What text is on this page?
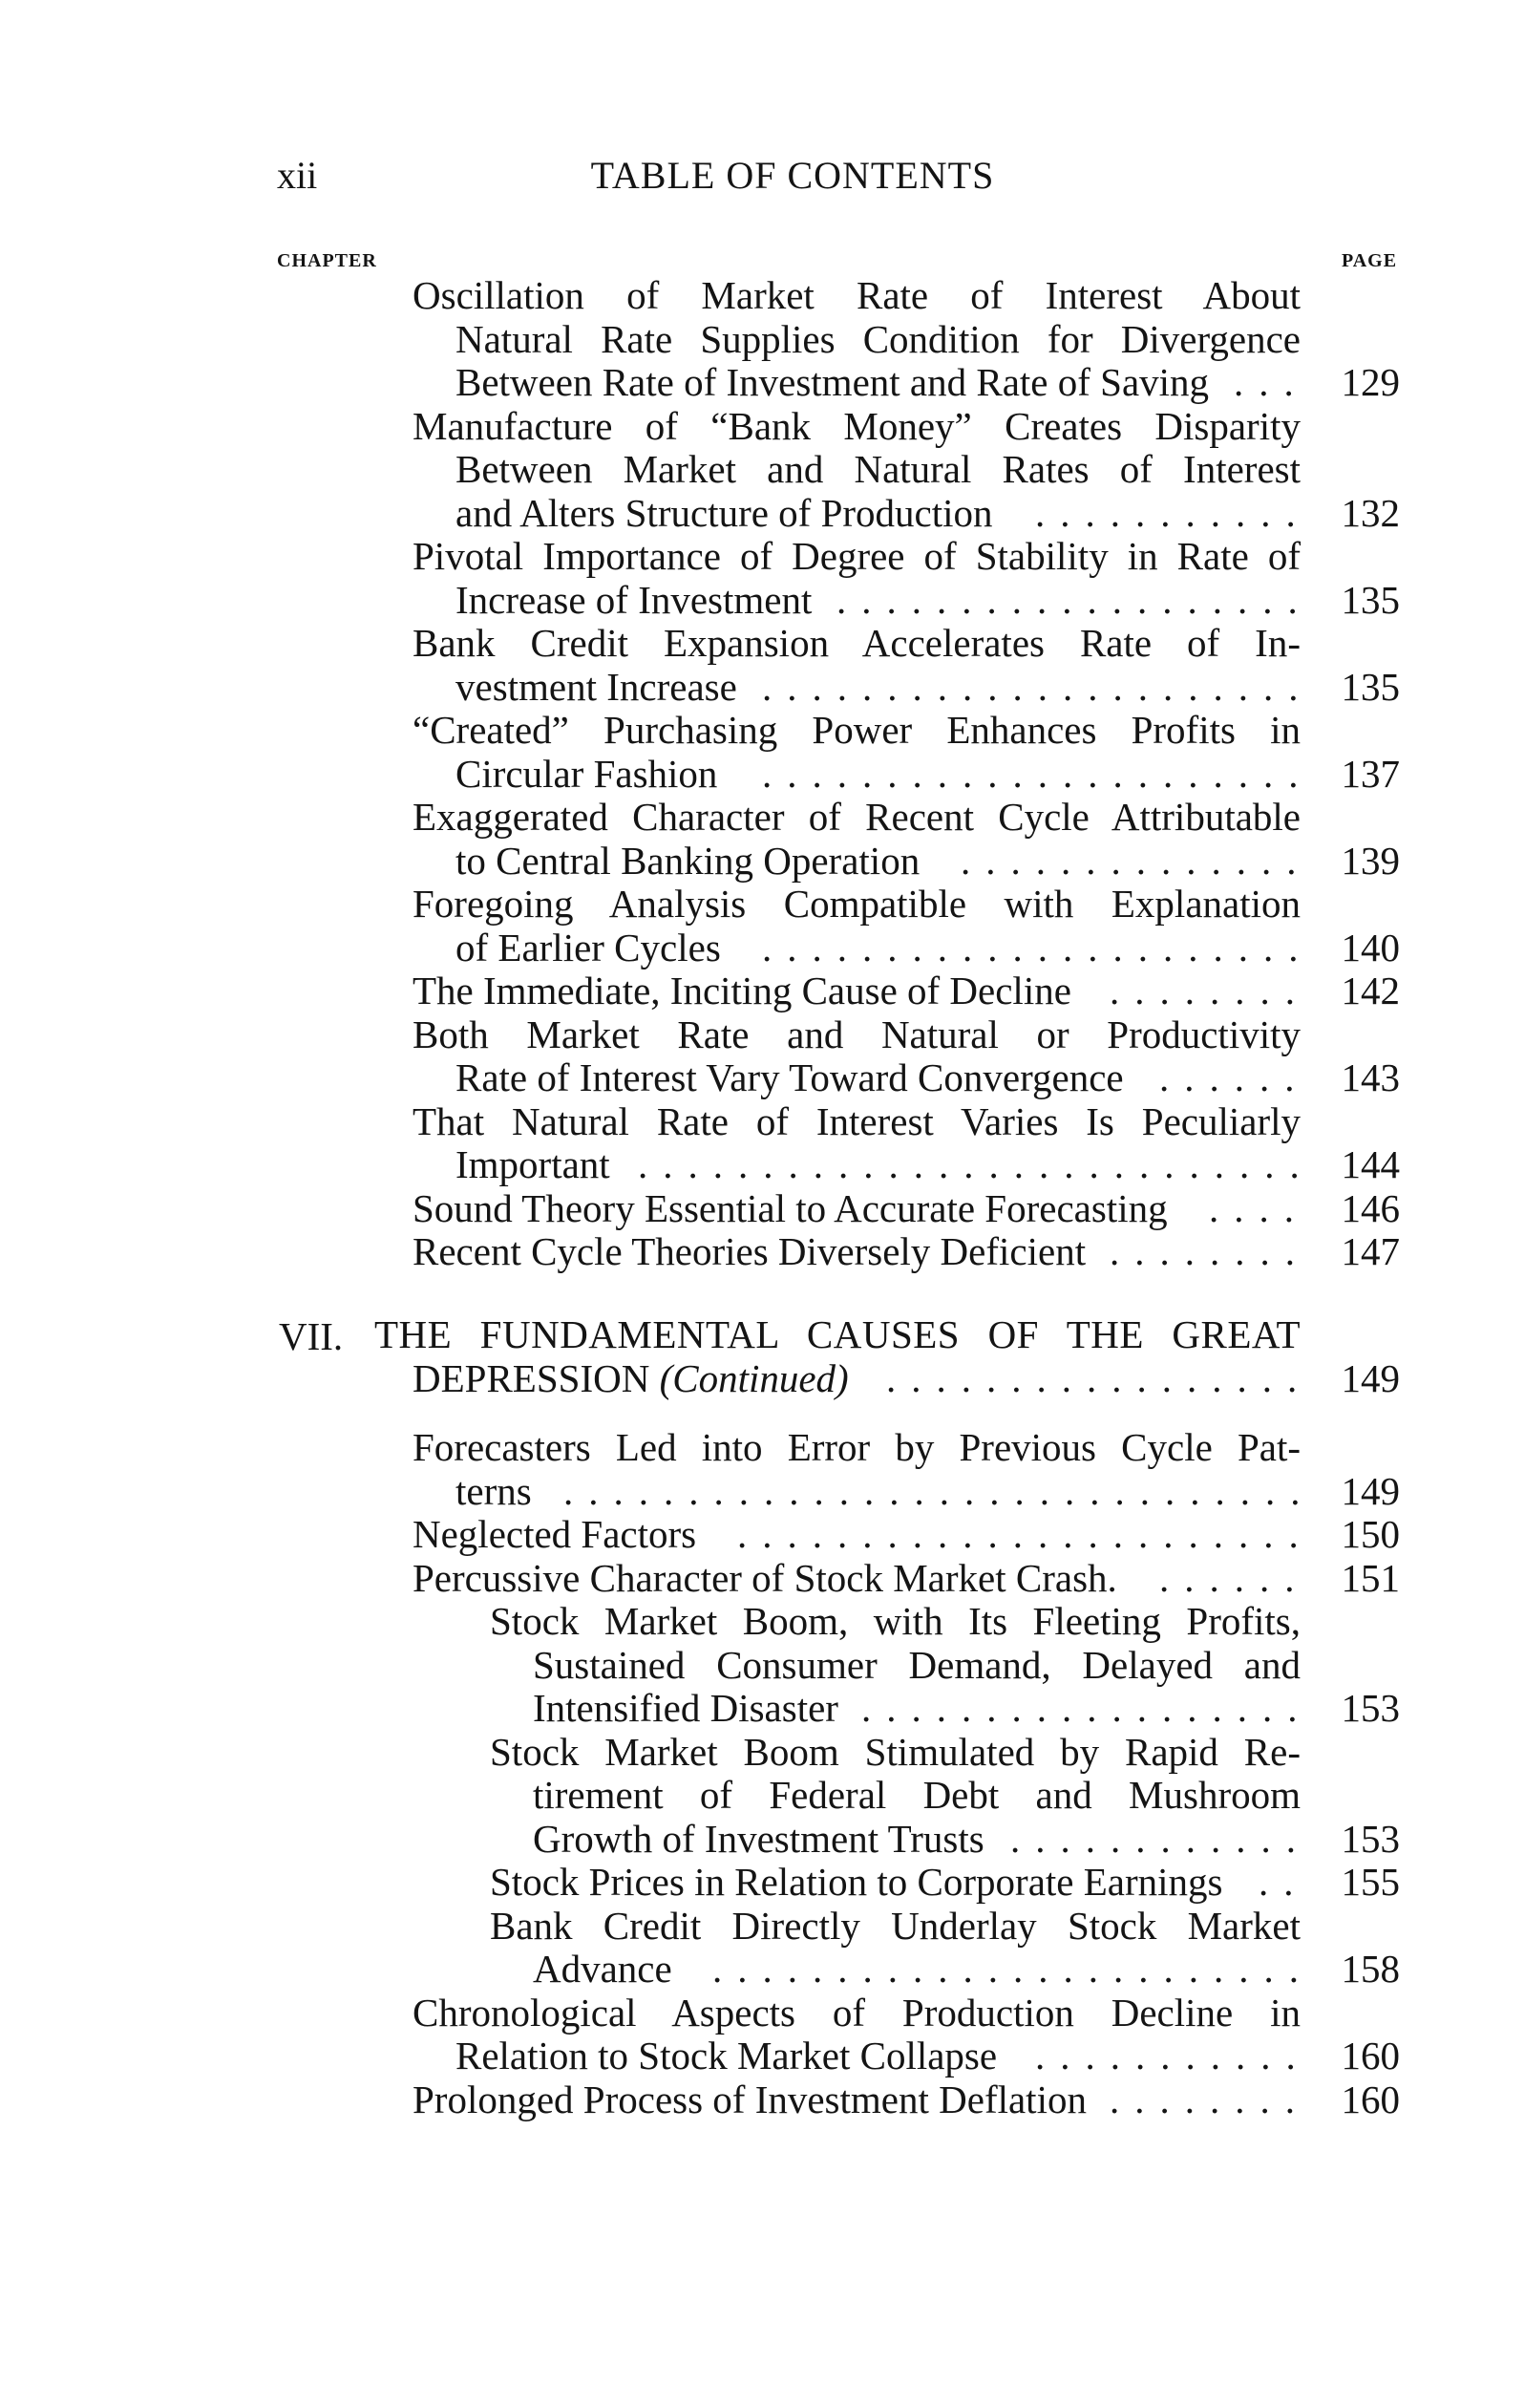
xii	TABLE OF CONTENTS
CHAPTER	PAGE
VII.
Oscillation of Market Rate of Interest About
Natural Rate Supplies Condition for Divergence
Between Rate of Investment and Rate of Saving ... 129
Manufacture of “Bank Money” Creates Disparity
Between Market and Natural Rates of Interest
and Alters Structure of Production ........... 132
Pivotal Importance of Degree of Stability in Rate of
Increase of Investment ................... 135
Bank Credit Expansion Accelerates Rate of In-
vestment Increase ...................... 135
“Created” Purchasing Power Enhances Profits in
Circular Fashion ...................... 137
Exaggerated Character of Recent Cycle Attributable
to Central Banking Operation .............. 139
Foregoing Analysis Compatible with Explanation
of Earlier Cycles ...................... 140
The Immediate, Inciting Cause of Decline ........ 142
Both Market Rate and Natural or Productivity
Rate of Interest Vary Toward Convergence ...... 143
That Natural Rate of Interest Varies Is Peculiarly
Important ........................... 144
Sound Theory Essential to Accurate Forecasting .... 146
Recent Cycle Theories Diversely Deficient ........ 147
THE FUNDAMENTAL CAUSES OF THE GREAT
DEPRESSION (Continued) ................. 149
Forecasters Led into Error by Previous Cycle Pat-
terns .............................. 149
Neglected Factors ....................... 150
Percussive Character of Stock Market Crash. ...... 151
Stock Market Boom, with Its Fleeting Profits,
Sustained Consumer Demand, Delayed and
Intensified Disaster .................. 153
Stock Market Boom Stimulated by Rapid Re-
tirement of Federal Debt and Mushroom
Growth of Investment Trusts ............ 153
Stock Prices in Relation to Corporate Earnings .. 155
Bank Credit Directly Underlay Stock Market
Advance ........................ 158
Chronological Aspects of Production Decline in
Relation to Stock Market Collapse ........... 160
Prolonged Process of Investment Deflation ........ 160
